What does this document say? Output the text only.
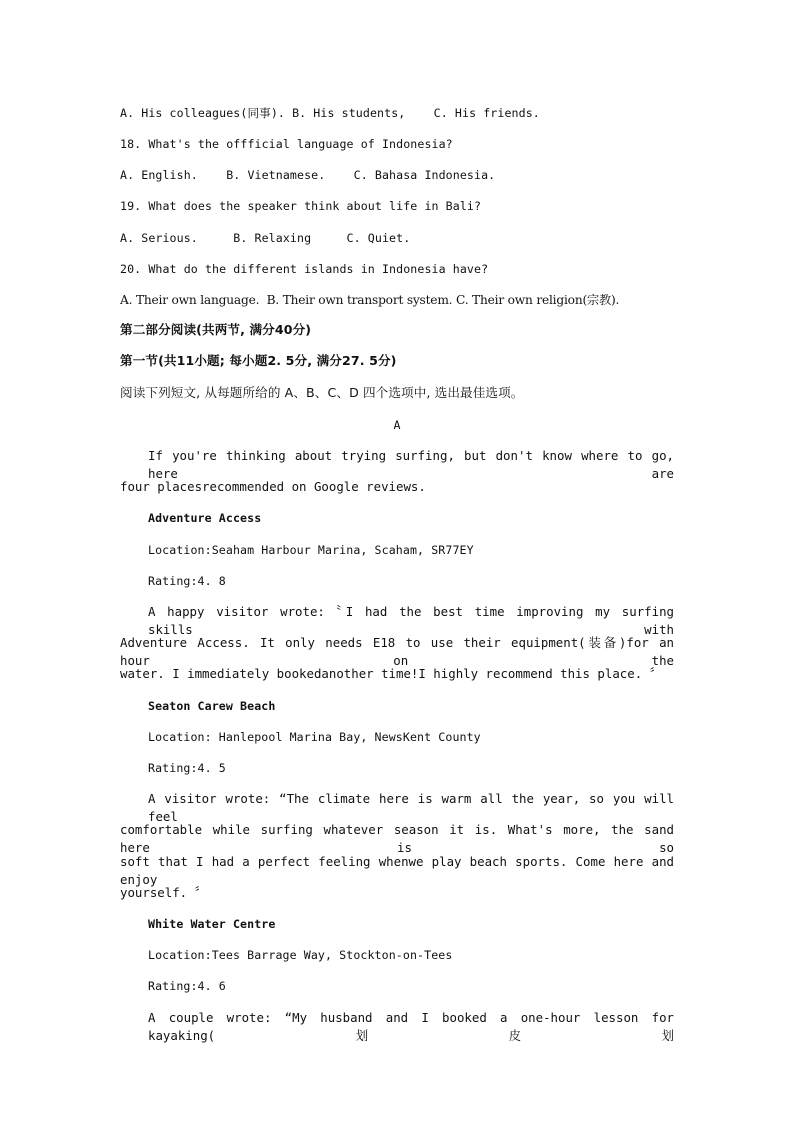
A. His colleagues(同事). B. His students,    C. His friends.
18. What's the offficial language of Indonesia?
A. English.    B. Vietnamese.    C. Bahasa Indonesia.
19. What does the speaker think about life in Bali?
A. Serious.     B. Relaxing     C. Quiet.
20. What do the different islands in Indonesia have?
A. Their own language.  B. Their own transport system. C. Their own religion(宗教).
第二部分阅读(共两节, 满分40分)
第一节(共11小题; 每小题2. 5分, 满分27. 5分)
阅读下列短文, 从每题所给的 A、B、C、D 四个选项中, 选出最佳选项。
A
If you're thinking about trying surfing, but don't know where to go, here are
four placesrecommended on Google reviews.
Adventure Access
Location:Seaham Harbour Marina, Scaham, SR77EY
Rating:4. 8
A happy visitor wrote:〝I had the best time improving my surfing skills with
Adventure Access. It only needs E18 to use their equipment(装备)for an hour on the
water. I immediately bookedanother time!I highly recommend this place. 〞
Seaton Carew Beach
Location: Hanlepool Marina Bay, NewsKent County
Rating:4. 5
A visitor wrote: “The climate here is warm all the year, so you will feel
comfortable while surfing whatever season it is. What's more, the sand here is so
soft that I had a perfect feeling whenwe play beach sports. Come here and enjoy
yourself. 〞
White Water Centre
Location:Tees Barrage Way, Stockton-on-Tees
Rating:4. 6
A couple wrote: “My husband and I booked a one-hour lesson for kayaking(划皮划
